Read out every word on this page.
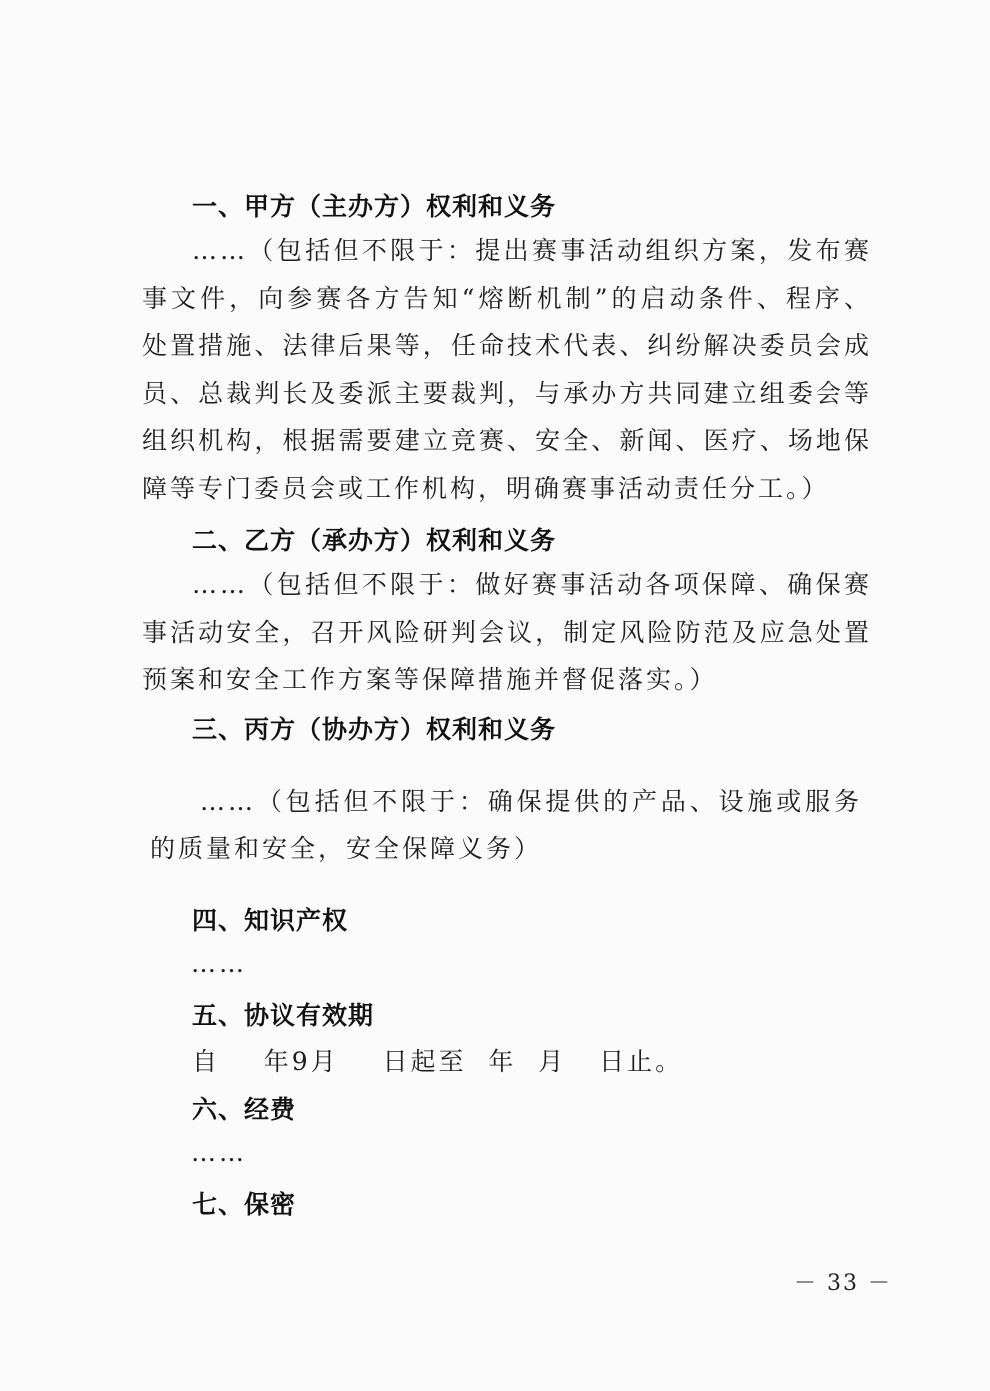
一、甲方（主办方）权利和义务
……（包括但不限于：提出赛事活动组织方案，发布赛事文件，向参赛各方告知“熔断机制”的启动条件、程序、处置措施、法律后果等，任命技术代表、纠纷解决委员会成员、总裁判长及委派主要裁判，与承办方共同建立组委会等组织机构，根据需要建立竞赛、安全、新闻、医疗、场地保障等专门委员会或工作机构，明确赛事活动责任分工。）
二、乙方（承办方）权利和义务
……（包括但不限于：做好赛事活动各项保障、确保赛事活动安全，召开风险研判会议，制定风险防范及应急处置预案和安全工作方案等保障措施并督促落实。）
三、丙方（协办方）权利和义务
……（包括但不限于：确保提供的产品、设施或服务的质量和安全，安全保障义务）
四、知识产权
……
五、协议有效期
自    年9月    日起至  年  月   日止。
六、经费
……
七、保密
－ 33 －
